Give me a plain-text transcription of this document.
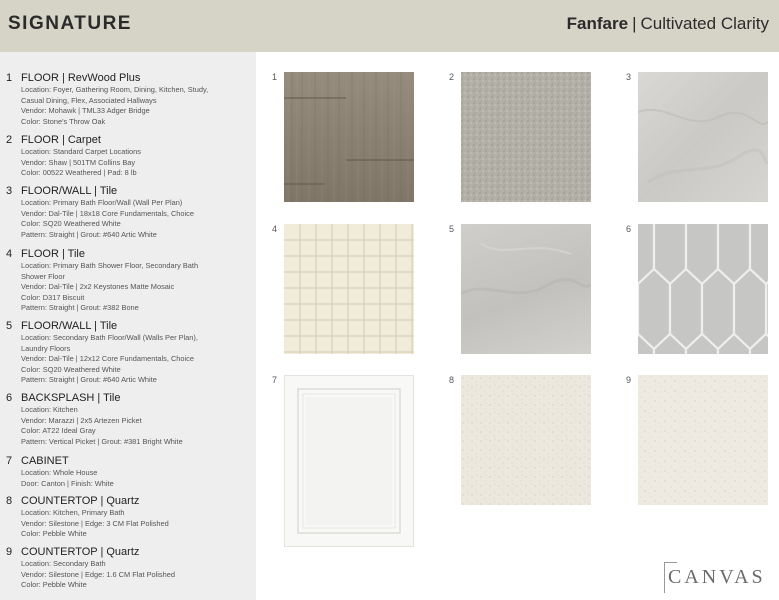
SIGNATURE	Fanfare | Cultivated Clarity
1 FLOOR | RevWood Plus
Location: Foyer, Gathering Room, Dining, Kitchen, Study,
Casual Dining, Flex, Associated Hallways
Vendor: Mohawk | TML33 Adger Bridge
Color: Stone's Throw Oak
2 FLOOR | Carpet
Location: Standard Carpet Locations
Vendor: Shaw | 501TM Collins Bay
Color: 00522 Weathered | Pad: 8 lb
3 FLOOR/WALL | Tile
Location: Primary Bath Floor/Wall (Wall Per Plan)
Vendor: Dal-Tile | 18x18 Core Fundamentals, Choice
Color: SQ20 Weathered White
Pattern: Straight | Grout: #640 Artic White
4 FLOOR | Tile
Location: Primary Bath Shower Floor, Secondary Bath
Shower Floor
Vendor: Dal-Tile | 2x2 Keystones Matte Mosaic
Color: D317 Biscuit
Pattern: Straight | Grout: #382 Bone
5 FLOOR/WALL | Tile
Location: Secondary Bath Floor/Wall (Walls Per Plan),
Laundry Floors
Vendor: Dal-Tile | 12x12 Core Fundamentals, Choice
Color: SQ20 Weathered White
Pattern: Straight | Grout: #640 Artic White
6 BACKSPLASH | Tile
Location: Kitchen
Vendor: Marazzi | 2x5 Artezen Picket
Color: AT22 Ideal Gray
Pattern: Vertical Picket | Grout: #381 Bright White
7 CABINET
Location: Whole House
Door: Canton | Finish: White
8 COUNTERTOP | Quartz
Location: Kitchen, Primary Bath
Vendor: Silestone | Edge: 3 CM Flat Polished
Color: Pebble White
9 COUNTERTOP | Quartz
Location: Secondary Bath
Vendor: Silestone | Edge: 1.6 CM Flat Polished
Color: Pebble White
1	2	3
4	5	6
7	8	9
CANVAS
